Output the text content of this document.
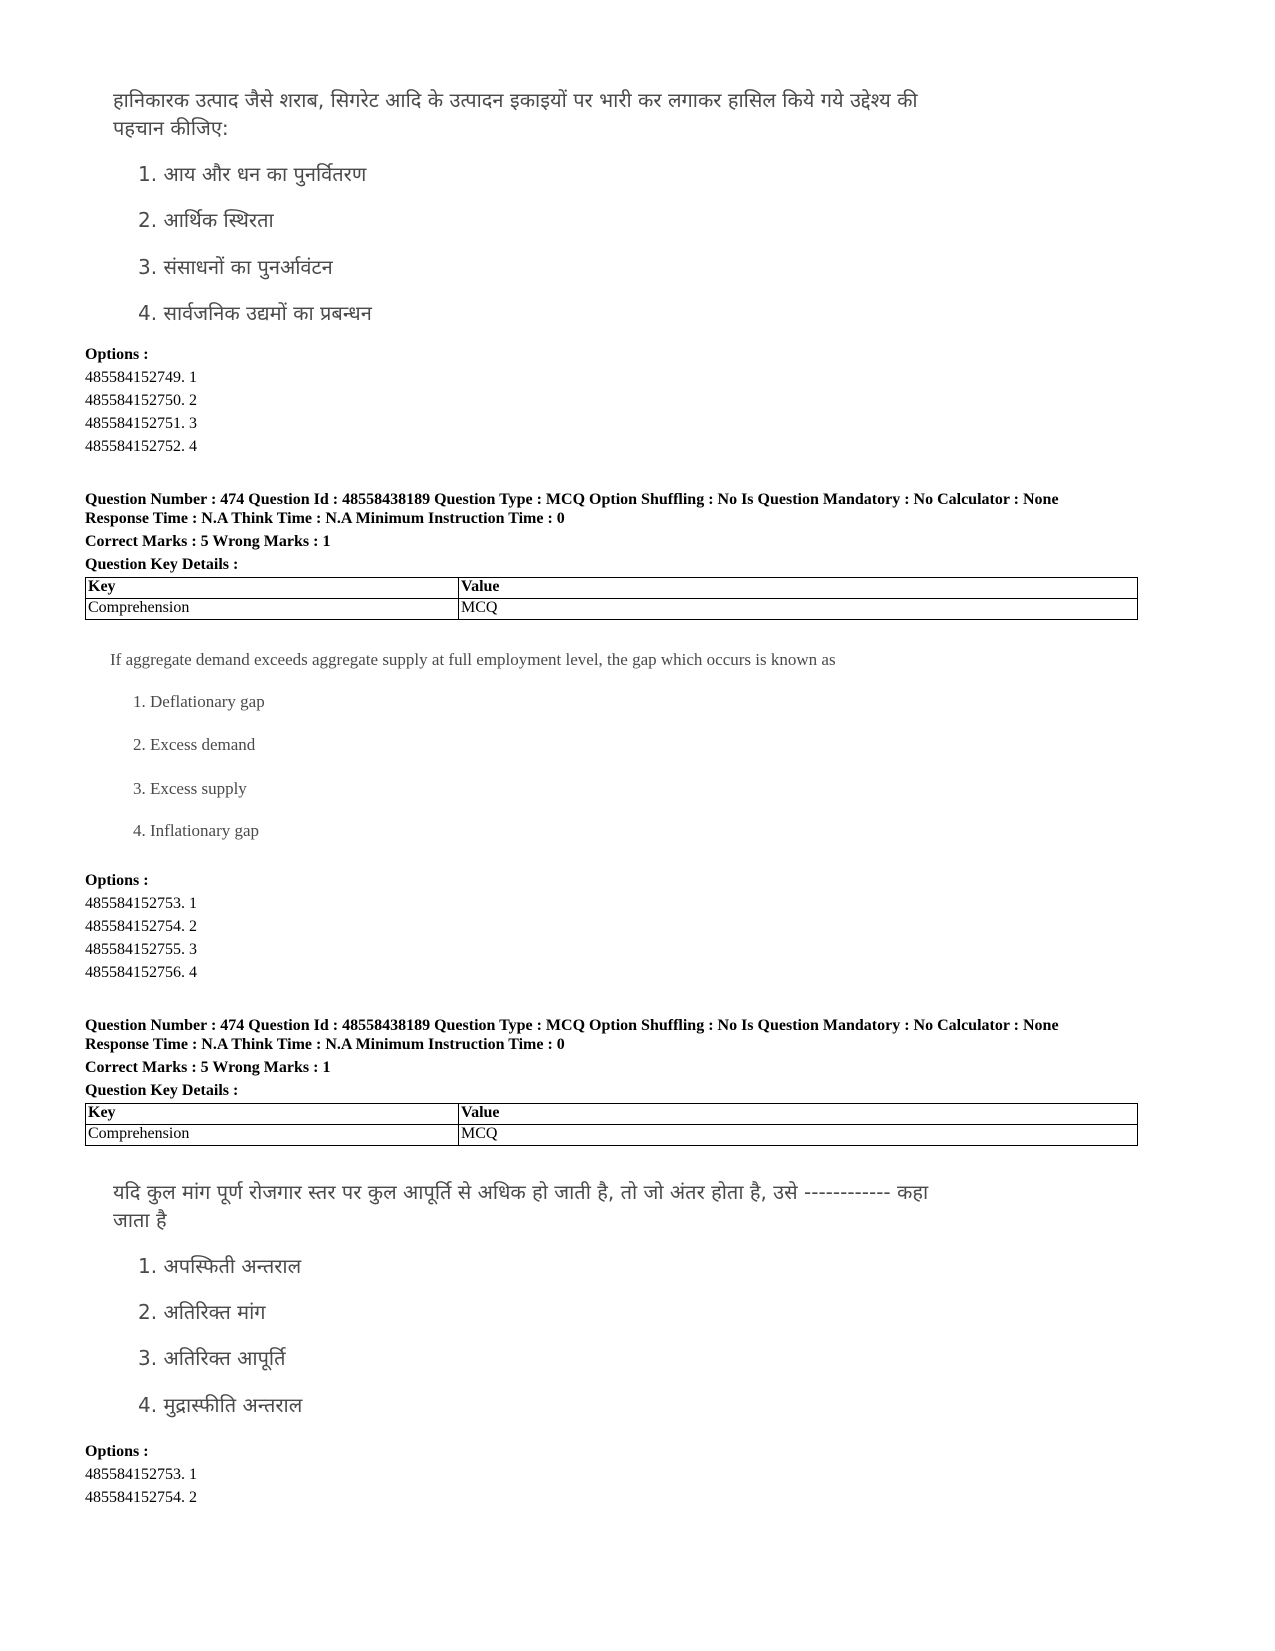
हानिकारक उत्पाद जैसे शराब, सिगरेट आदि के उत्पादन इकाइयों पर भारी कर लगाकर हासिल किये गये उद्देश्य की पहचान कीजिए:
1. आय और धन का पुनर्वितरण
2. आर्थिक स्थिरता
3. संसाधनों का पुनर्आवंटन
4. सार्वजनिक उद्यमों का प्रबन्धन
Options :
485584152749. 1
485584152750. 2
485584152751. 3
485584152752. 4
Question Number : 474 Question Id : 48558438189 Question Type : MCQ Option Shuffling : No Is Question Mandatory : No Calculator : None
Response Time : N.A Think Time : N.A Minimum Instruction Time : 0
Correct Marks : 5 Wrong Marks : 1
Question Key Details :
Key	Value
Comprehension	MCQ
If aggregate demand exceeds aggregate supply at full employment level, the gap which occurs is known as
1. Deflationary gap
2. Excess demand
3. Excess supply
4. Inflationary gap
Options :
485584152753. 1
485584152754. 2
485584152755. 3
485584152756. 4
Question Number : 474 Question Id : 48558438189 Question Type : MCQ Option Shuffling : No Is Question Mandatory : No Calculator : None
Response Time : N.A Think Time : N.A Minimum Instruction Time : 0
Correct Marks : 5 Wrong Marks : 1
Question Key Details :
Key	Value
Comprehension	MCQ
यदि कुल मांग पूर्ण रोजगार स्तर पर कुल आपूर्ति से अधिक हो जाती है, तो जो अंतर होता है, उसे ------------ कहा जाता है
1. अपस्फिती अन्तराल
2. अतिरिक्त मांग
3. अतिरिक्त आपूर्ति
4. मुद्रास्फीति अन्तराल
Options :
485584152753. 1
485584152754. 2
